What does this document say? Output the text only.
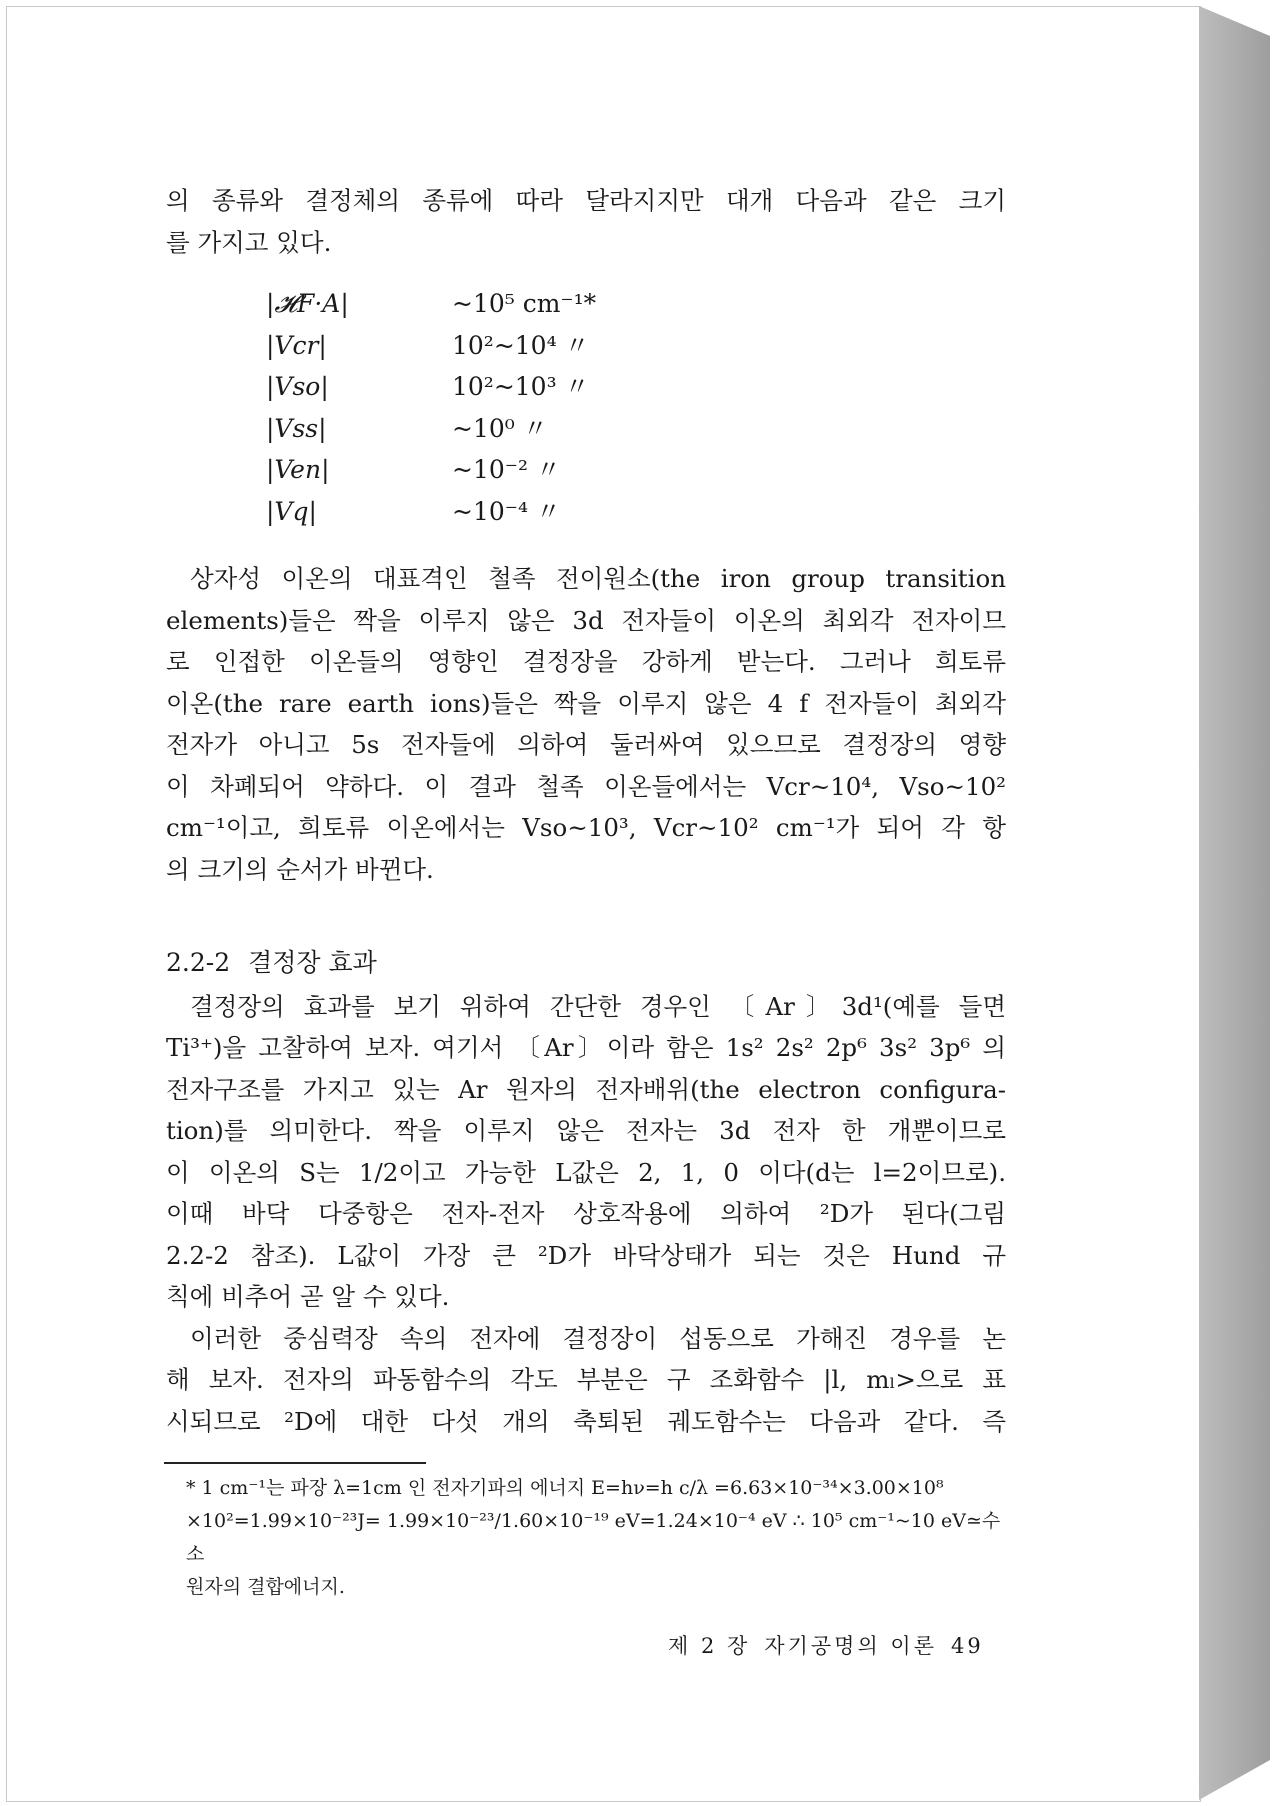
의 종류와 결정체의 종류에 따라 달라지지만 대개 다음과 같은 크기

를 가지고 있다.

|𝓗F·A|	~10⁵ cm⁻¹*
|Vcr|	10²~10⁴ 〃
|Vso|	10²~10³ 〃
|Vss|	~10⁰ 〃
|Ven|	~10⁻² 〃
|Vq|	~10⁻⁴ 〃

상자성 이온의 대표격인 철족 전이원소(the iron group transition

elements)들은 짝을 이루지 않은 3d 전자들이 이온의 최외각 전자이므

로 인접한 이온들의 영향인 결정장을 강하게 받는다. 그러나 희토류

이온(the rare earth ions)들은 짝을 이루지 않은 4 f 전자들이 최외각

전자가 아니고 5s 전자들에 의하여 둘러싸여 있으므로 결정장의 영향

이 차폐되어 약하다. 이 결과 철족 이온들에서는 Vcr~10⁴, Vso~10²

cm⁻¹이고, 희토류 이온에서는 Vso~10³, Vcr~10² cm⁻¹가 되어 각 항

의 크기의 순서가 바뀐다.

2.2-2 결정장 효과

결정장의 효과를 보기 위하여 간단한 경우인 〔Ar〕3d¹(예를 들면

Ti³⁺)을 고찰하여 보자. 여기서 〔Ar〕이라 함은 1s² 2s² 2p⁶ 3s² 3p⁶ 의

전자구조를 가지고 있는 Ar 원자의 전자배위(the electron configura-

tion)를 의미한다. 짝을 이루지 않은 전자는 3d 전자 한 개뿐이므로

이 이온의 S는 1/2이고 가능한 L값은 2, 1, 0 이다(d는 l=2이므로).

이때 바닥 다중항은 전자-전자 상호작용에 의하여 ²D가 된다(그림

2.2-2 참조). L값이 가장 큰 ²D가 바닥상태가 되는 것은 Hund 규

칙에 비추어 곧 알 수 있다.

이러한 중심력장 속의 전자에 결정장이 섭동으로 가해진 경우를 논

해 보자. 전자의 파동함수의 각도 부분은 구 조화함수 |l, mₗ>으로 표

시되므로 ²D에 대한 다섯 개의 축퇴된 궤도함수는 다음과 같다. 즉

* 1 cm⁻¹는 파장 λ=1cm 인 전자기파의 에너지 E=hν=h c/λ =6.63×10⁻³⁴×3.00×10⁸

×10²=1.99×10⁻²³J= 1.99×10⁻²³/1.60×10⁻¹⁹ eV=1.24×10⁻⁴ eV ∴ 10⁵ cm⁻¹~10 eV≃수소

원자의 결합에너지.

제 2 장 자기공명의 이론 49
